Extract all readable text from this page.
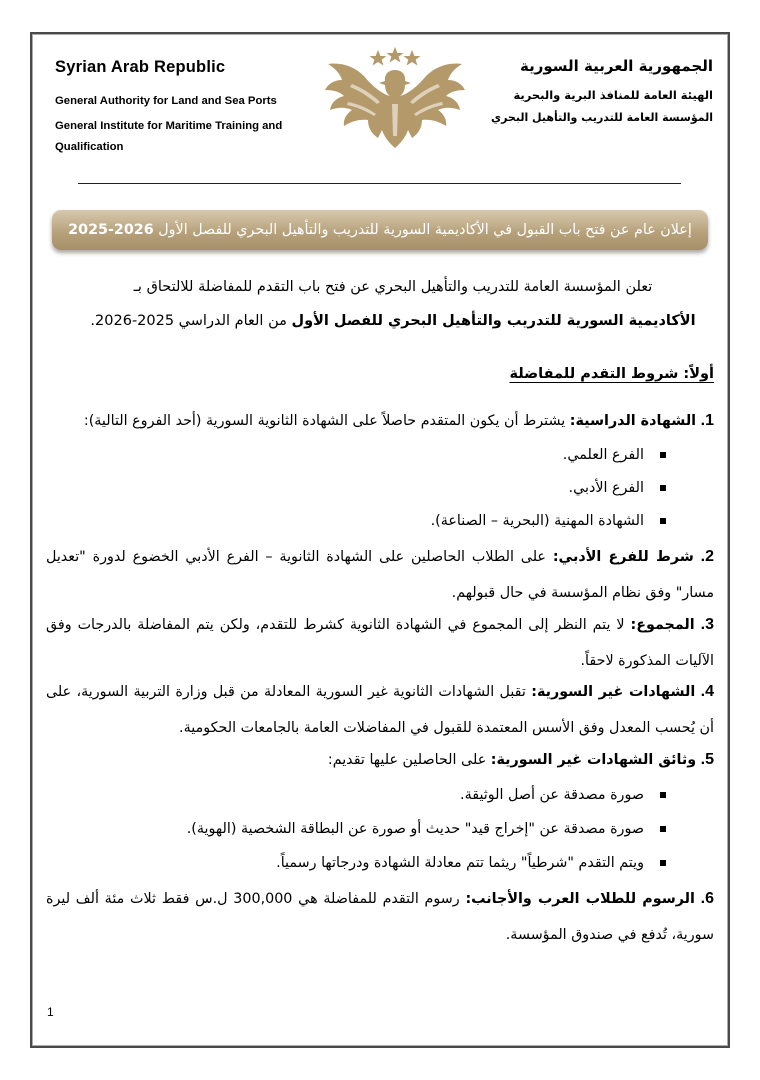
Syrian Arab Republic
General Authority for Land and Sea Ports
General Institute for Maritime Training and Qualification
الجمهورية العربية السورية
الهيئة العامة للمنافذ البرية والبحرية
المؤسسة العامة للتدريب والتأهيل البحري
إعلان عام عن فتح باب القبول في الأكاديمية السورية للتدريب والتأهيل البحري للفصل الأول 2026-2025
تعلن المؤسسة العامة للتدريب والتأهيل البحري عن فتح باب التقدم للمفاضلة للالتحاق بـ
الأكاديمية السورية للتدريب والتأهيل البحري للفصل الأول من العام الدراسي 2025-2026.
أولاً: شروط التقدم للمفاضلة
1. الشهادة الدراسية: يشترط أن يكون المتقدم حاصلاً على الشهادة الثانوية السورية (أحد الفروع التالية):
الفرع العلمي.
الفرع الأدبي.
الشهادة المهنية (البحرية – الصناعة).
2. شرط للفرع الأدبي: على الطلاب الحاصلين على الشهادة الثانوية – الفرع الأدبي الخضوع لدورة "تعديل مسار" وفق نظام المؤسسة في حال قبولهم.
3. المجموع: لا يتم النظر إلى المجموع في الشهادة الثانوية كشرط للتقدم، ولكن يتم المفاضلة بالدرجات وفق الآليات المذكورة لاحقاً.
4. الشهادات غير السورية: تقبل الشهادات الثانوية غير السورية المعادلة من قبل وزارة التربية السورية، على أن يُحسب المعدل وفق الأسس المعتمدة للقبول في المفاضلات العامة بالجامعات الحكومية.
5. وثائق الشهادات غير السورية: على الحاصلين عليها تقديم:
صورة مصدقة عن أصل الوثيقة.
صورة مصدقة عن "إخراج قيد" حديث أو صورة عن البطاقة الشخصية (الهوية).
ويتم التقدم "شرطياً" ريثما تتم معادلة الشهادة ودرجاتها رسمياً.
6. الرسوم للطلاب العرب والأجانب: رسوم التقدم للمفاضلة هي 300,000 ل.س فقط ثلاث مئة ألف ليرة سورية، تُدفع في صندوق المؤسسة.
1
